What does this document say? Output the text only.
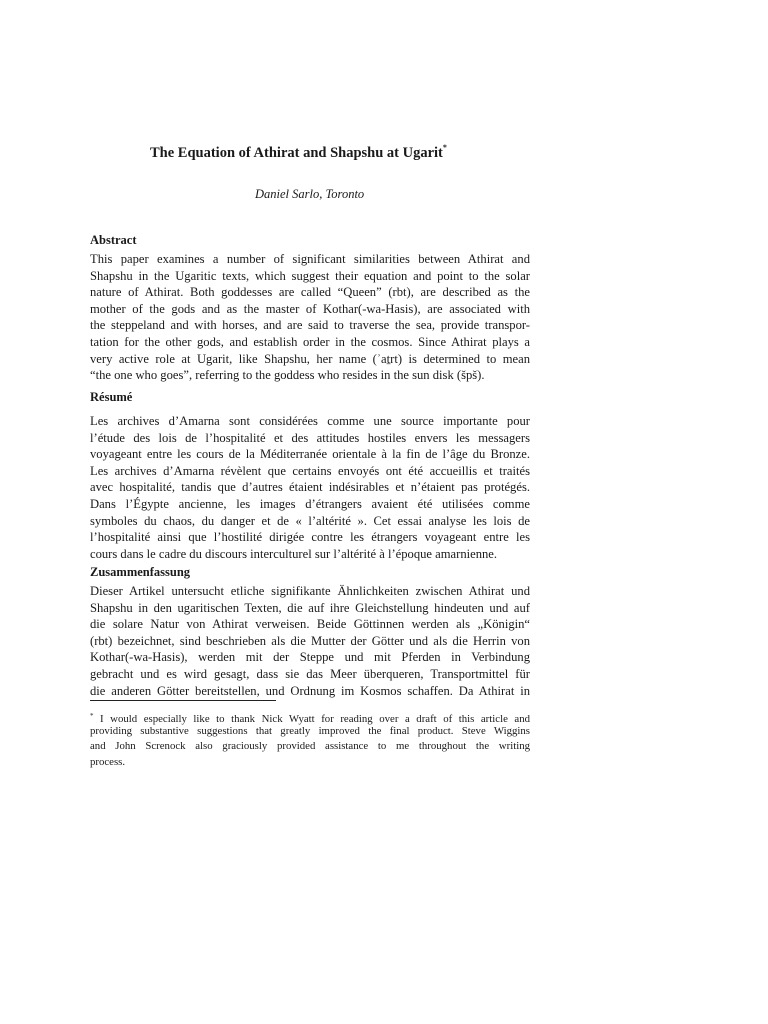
The Equation of Athirat and Shapshu at Ugarit*
Daniel Sarlo, Toronto
Abstract
This paper examines a number of significant similarities between Athirat and
Shapshu in the Ugaritic texts, which suggest their equation and point to the solar
nature of Athirat. Both goddesses are called “Queen” (rbt), are described as the
mother of the gods and as the master of Kothar(-wa-Hasis), are associated with
the steppeland and with horses, and are said to traverse the sea, provide transpor-
tation for the other gods, and establish order in the cosmos. Since Athirat plays a
very active role at Ugarit, like Shapshu, her name (ʾaṯrt) is determined to mean
“the one who goes”, referring to the goddess who resides in the sun disk (špš).
Résumé
Les archives d’Amarna sont considérées comme une source importante pour
l’étude des lois de l’hospitalité et des attitudes hostiles envers les messagers
voyageant entre les cours de la Méditerranée orientale à la fin de l’âge du Bronze.
Les archives d’Amarna révèlent que certains envoyés ont été accueillis et traités
avec hospitalité, tandis que d’autres étaient indésirables et n’étaient pas protégés.
Dans l’Égypte ancienne, les images d’étrangers avaient été utilisées comme
symboles du chaos, du danger et de « l’altérité ». Cet essai analyse les lois de
l’hospitalité ainsi que l’hostilité dirigée contre les étrangers voyageant entre les
cours dans le cadre du discours interculturel sur l’altérité à l’époque amarnienne.
Zusammenfassung
Dieser Artikel untersucht etliche signifikante Ähnlichkeiten zwischen Athirat und
Shapshu in den ugaritischen Texten, die auf ihre Gleichstellung hindeuten und auf
die solare Natur von Athirat verweisen. Beide Göttinnen werden als „Königin“
(rbt) bezeichnet, sind beschrieben als die Mutter der Götter und als die Herrin von
Kothar(-wa-Hasis), werden mit der Steppe und mit Pferden in Verbindung
gebracht und es wird gesagt, dass sie das Meer überqueren, Transportmittel für
die anderen Götter bereitstellen, und Ordnung im Kosmos schaffen. Da Athirat in
* I would especially like to thank Nick Wyatt for reading over a draft of this article and
providing substantive suggestions that greatly improved the final product. Steve Wiggins
and John Screnock also graciously provided assistance to me throughout the writing
process.
